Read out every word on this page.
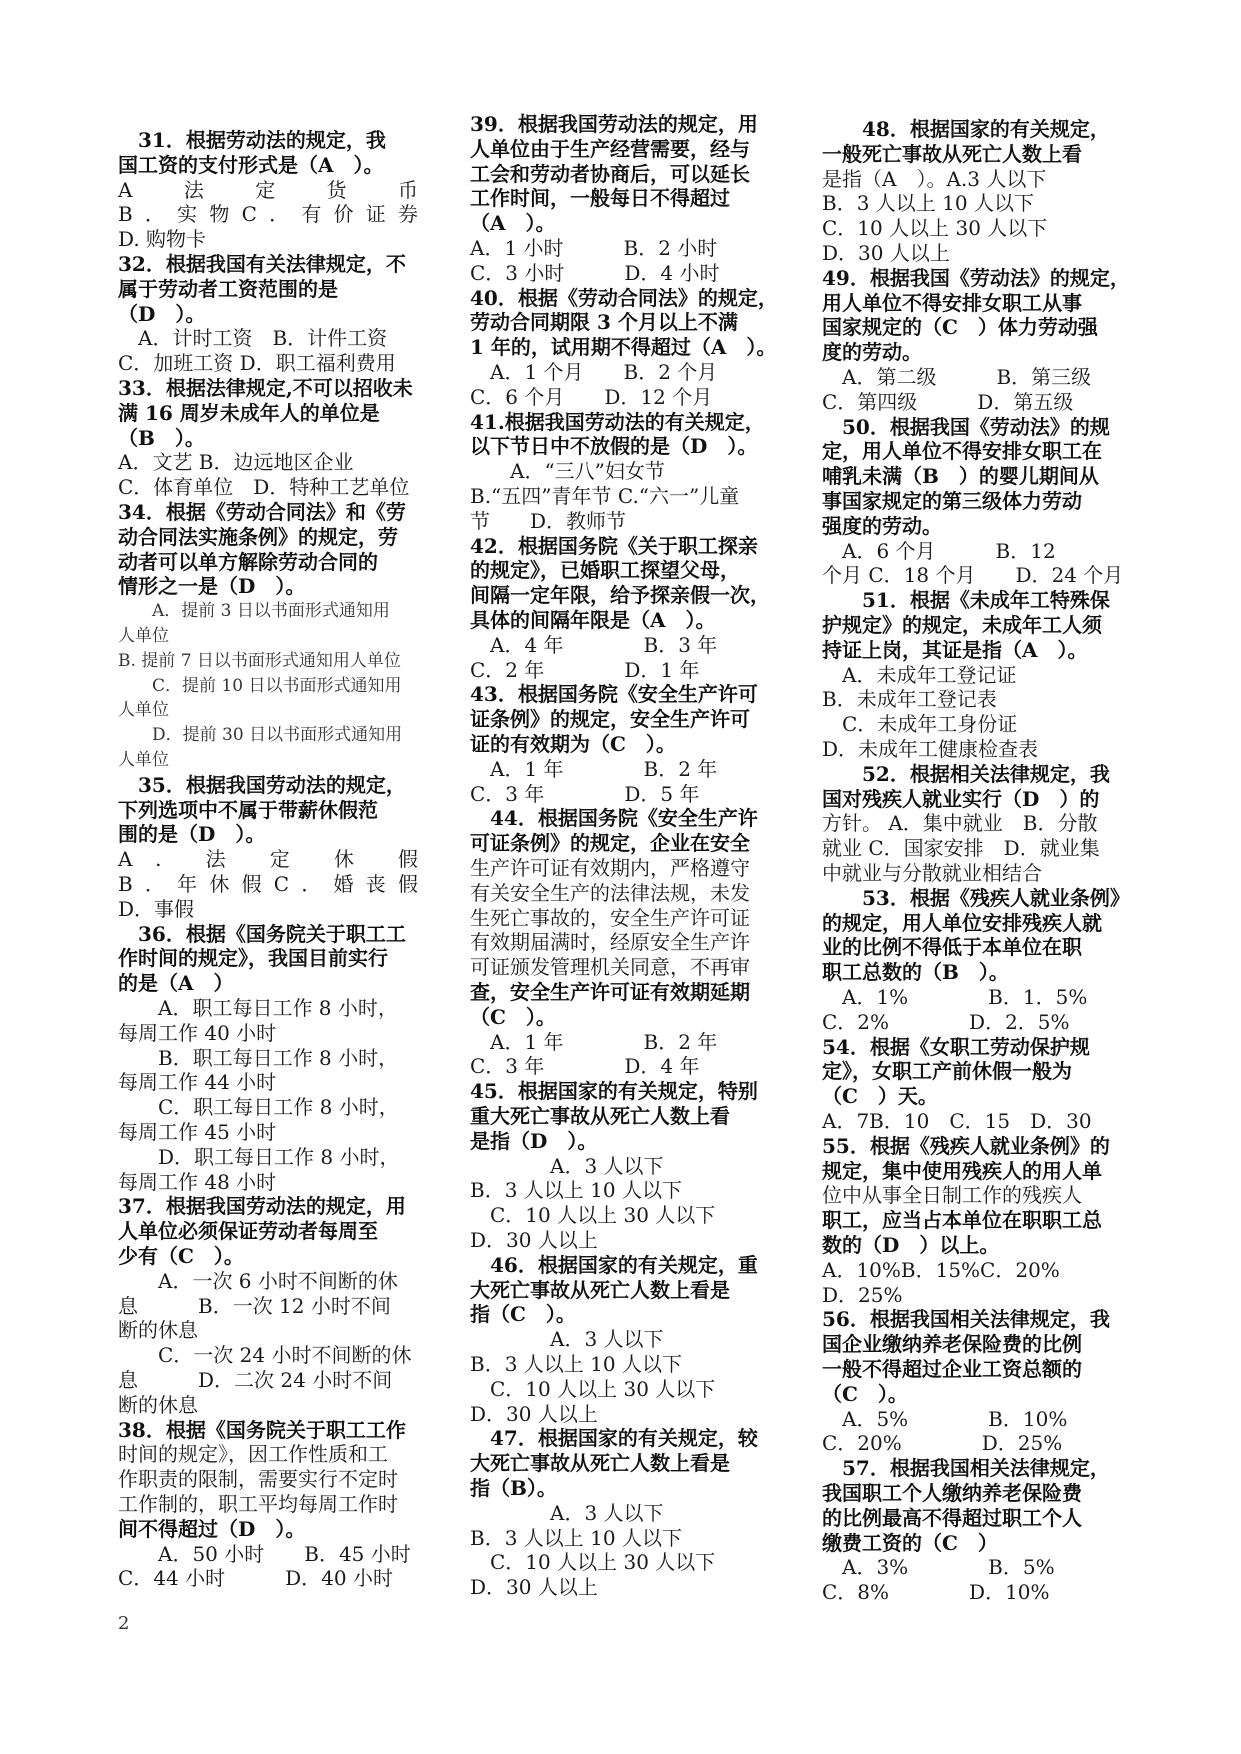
　31．根据劳动法的规定，我
国工资的支付形式是（A　）。
A　　法　　定　　货　　币
B．实物C．有价证券
D. 购物卡
32．根据我国有关法律规定，不
属于劳动者工资范围的是
（D　）。
　A．计时工资　B．计件工资
C．加班工资 D．职工福利费用
33．根据法律规定,不可以招收未
满 16 周岁未成年人的单位是
（B　）。
A．文艺 B．边远地区企业
C．体育单位　D．特种工艺单位
34．根据《劳动合同法》和《劳
动合同法实施条例》的规定，劳
动者可以单方解除劳动合同的
情形之一是（D　）。
　　A．提前 3 日以书面形式通知用
人单位
B. 提前 7 日以书面形式通知用人单位
　　C．提前 10 日以书面形式通知用
人单位
　　D．提前 30 日以书面形式通知用
人单位
　35．根据我国劳动法的规定，
下列选项中不属于带薪休假范
围的是（D　）。
A　.　　法　　定　　休　　假
B．年休假C．婚丧假
D．事假
　36．根据《国务院关于职工工
作时间的规定》，我国目前实行
的是（A　）
　　A．职工每日工作 8 小时，
每周工作 40 小时
　　B．职工每日工作 8 小时，
每周工作 44 小时
　　C．职工每日工作 8 小时，
每周工作 45 小时
　　D．职工每日工作 8 小时，
每周工作 48 小时
37．根据我国劳动法的规定，用
人单位必须保证劳动者每周至
少有（C　）。
　　A．一次 6 小时不间断的休
息　　　B．一次 12 小时不间
断的休息
　　C．一次 24 小时不间断的休
息　　　D．二次 24 小时不间
断的休息
38．根据《国务院关于职工工作
时间的规定》，因工作性质和工
作职责的限制，需要实行不定时
工作制的，职工平均每周工作时
间不得超过（D　）。
　　A．50 小时　　B．45 小时
C．44 小时　　　D．40 小时
39．根据我国劳动法的规定，用
人单位由于生产经营需要，经与
工会和劳动者协商后，可以延长
工作时间，一般每日不得超过
（A　）。
A．1 小时　　　B．2 小时
C．3 小时　　　D．4 小时
40．根据《劳动合同法》的规定，
劳动合同期限 3 个月以上不满
1 年的，试用期不得超过（A　）。
　A．1 个月　　B．2 个月
C．6 个月　　D．12 个月
41.根据我国劳动法的有关规定，
以下节日中不放假的是（D　）。
　　A．“三八”妇女节
B.“五四”青年节 C.“六一”儿童
节　　D．教师节
42．根据国务院《关于职工探亲
的规定》，已婚职工探望父母，
间隔一定年限，给予探亲假一次，
具体的间隔年限是（A　）。
　A．4 年　　　　B．3 年
C．2 年　　　　D．1 年
43．根据国务院《安全生产许可
证条例》的规定，安全生产许可
证的有效期为（C　）。
　A．1 年　　　　B．2 年
C．3 年　　　　D．5 年
　44．根据国务院《安全生产许
可证条例》的规定，企业在安全
生产许可证有效期内，严格遵守
有关安全生产的法律法规，未发
生死亡事故的，安全生产许可证
有效期届满时，经原安全生产许
可证颁发管理机关同意，不再审
查，安全生产许可证有效期延期
（C　）。
　A．1 年　　　　B．2 年
C．3 年　　　　D．4 年
45．根据国家的有关规定，特别
重大死亡事故从死亡人数上看
是指（D　）。
　　　　A．3 人以下
B．3 人以上 10 人以下
　C．10 人以上 30 人以下
D．30 人以上
　46．根据国家的有关规定，重
大死亡事故从死亡人数上看是
指（C　）。
　　　　A．3 人以下
B．3 人以上 10 人以下
　C．10 人以上 30 人以下
D．30 人以上
　47．根据国家的有关规定，较
大死亡事故从死亡人数上看是
指（B）。
　　　　A．3 人以下
B．3 人以上 10 人以下
　C．10 人以上 30 人以下
D．30 人以上
　　48．根据国家的有关规定，
一般死亡事故从死亡人数上看
是指（A　）。A.3 人以下
B．3 人以上 10 人以下
C．10 人以上 30 人以下
D．30 人以上
49．根据我国《劳动法》的规定，
用人单位不得安排女职工从事
国家规定的（C　）体力劳动强
度的劳动。
　A．第二级　　　B．第三级
C．第四级　　　D．第五级
　50．根据我国《劳动法》的规
定，用人单位不得安排女职工在
哺乳未满（B　）的婴儿期间从
事国家规定的第三级体力劳动
强度的劳动。
　A．6 个月　　　B．12
个月 C．18 个月　　D．24 个月
　　51．根据《未成年工特殊保
护规定》的规定，未成年工人须
持证上岗，其证是指（A　）。
　A．未成年工登记证
B．未成年工登记表
　C．未成年工身份证
D．未成年工健康检查表
　　52．根据相关法律规定，我
国对残疾人就业实行（D　）的
方针。 A．集中就业　B．分散
就业 C．国家安排　D．就业集
中就业与分散就业相结合
　　53．根据《残疾人就业条例》
的规定，用人单位安排残疾人就
业的比例不得低于本单位在职
职工总数的（B　）。
　A．1%　　　　B．1．5%
C．2%　　　　D．2．5%
54．根据《女职工劳动保护规
定》，女职工产前休假一般为
（C　）天。
A．7B．10　C．15　D．30
55．根据《残疾人就业条例》的
规定，集中使用残疾人的用人单
位中从事全日制工作的残疾人
职工，应当占本单位在职职工总
数的（D　）以上。
A．10%B．15%C．20%
D．25%
56．根据我国相关法律规定，我
国企业缴纳养老保险费的比例
一般不得超过企业工资总额的
（C　）。
　A．5%　　　　B．10%
C．20%　　　　D．25%
　57．根据我国相关法律规定，
我国职工个人缴纳养老保险费
的比例最高不得超过职工个人
缴费工资的（C　）
　A．3%　　　　B．5%
C．8%　　　　D．10%
2
